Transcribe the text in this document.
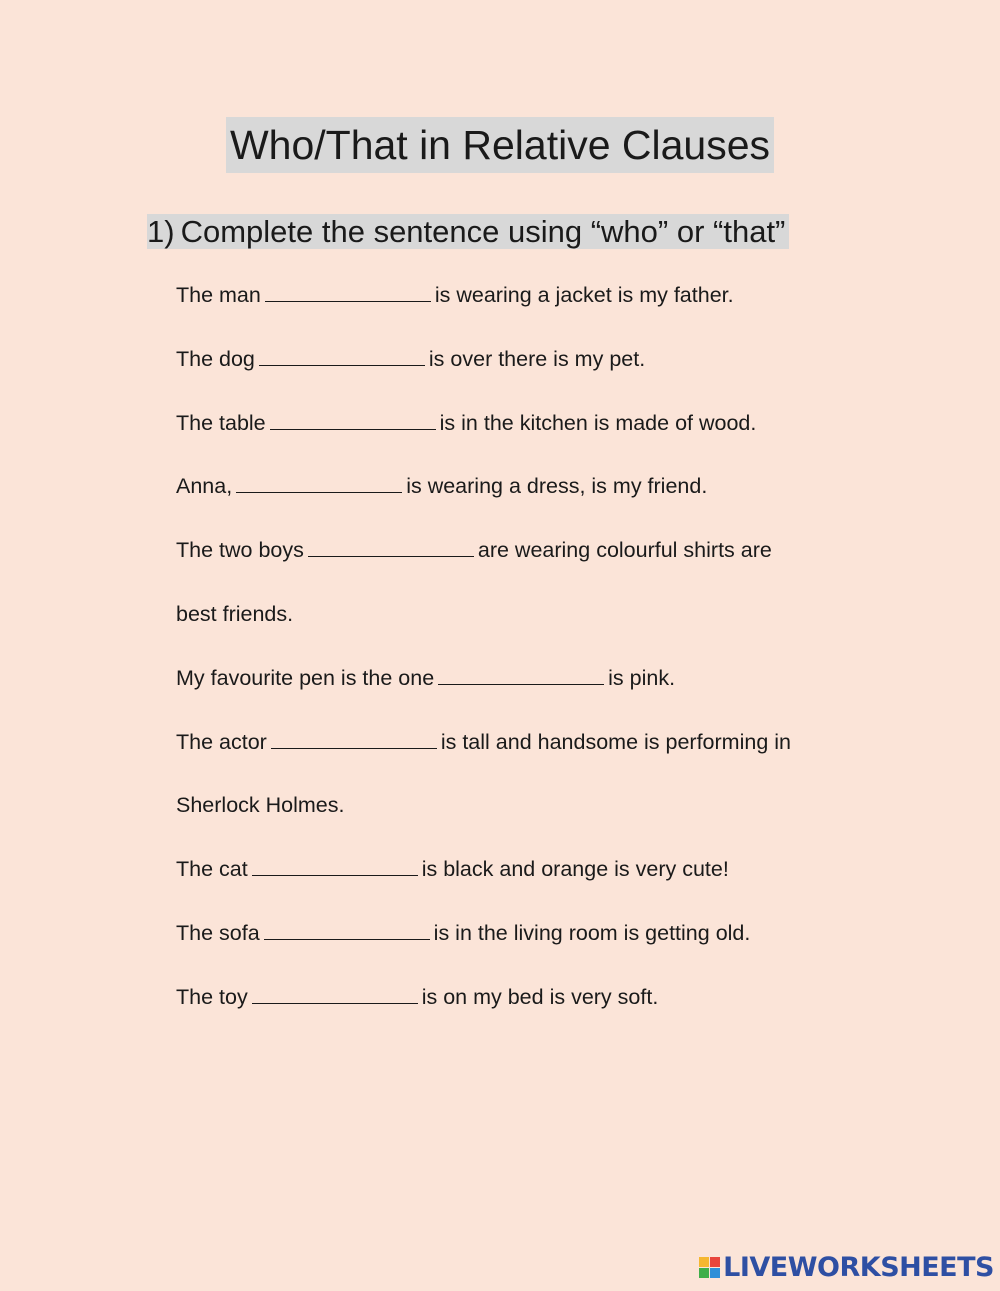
Who/That in Relative Clauses
1) Complete the sentence using “who” or “that”
The man	is wearing a jacket is my father.
The dog	is over there is my pet.
The table	is in the kitchen is made of wood.
Anna,	is wearing a dress, is my friend.
The two boys	are wearing colourful shirts are
best friends.
My favourite pen is the one	is pink.
The actor	is tall and handsome is performing in
Sherlock Holmes.
The cat	is black and orange is very cute!
The sofa	is in the living room is getting old.
The toy	is on my bed is very soft.
LIVEWORKSHEETS
